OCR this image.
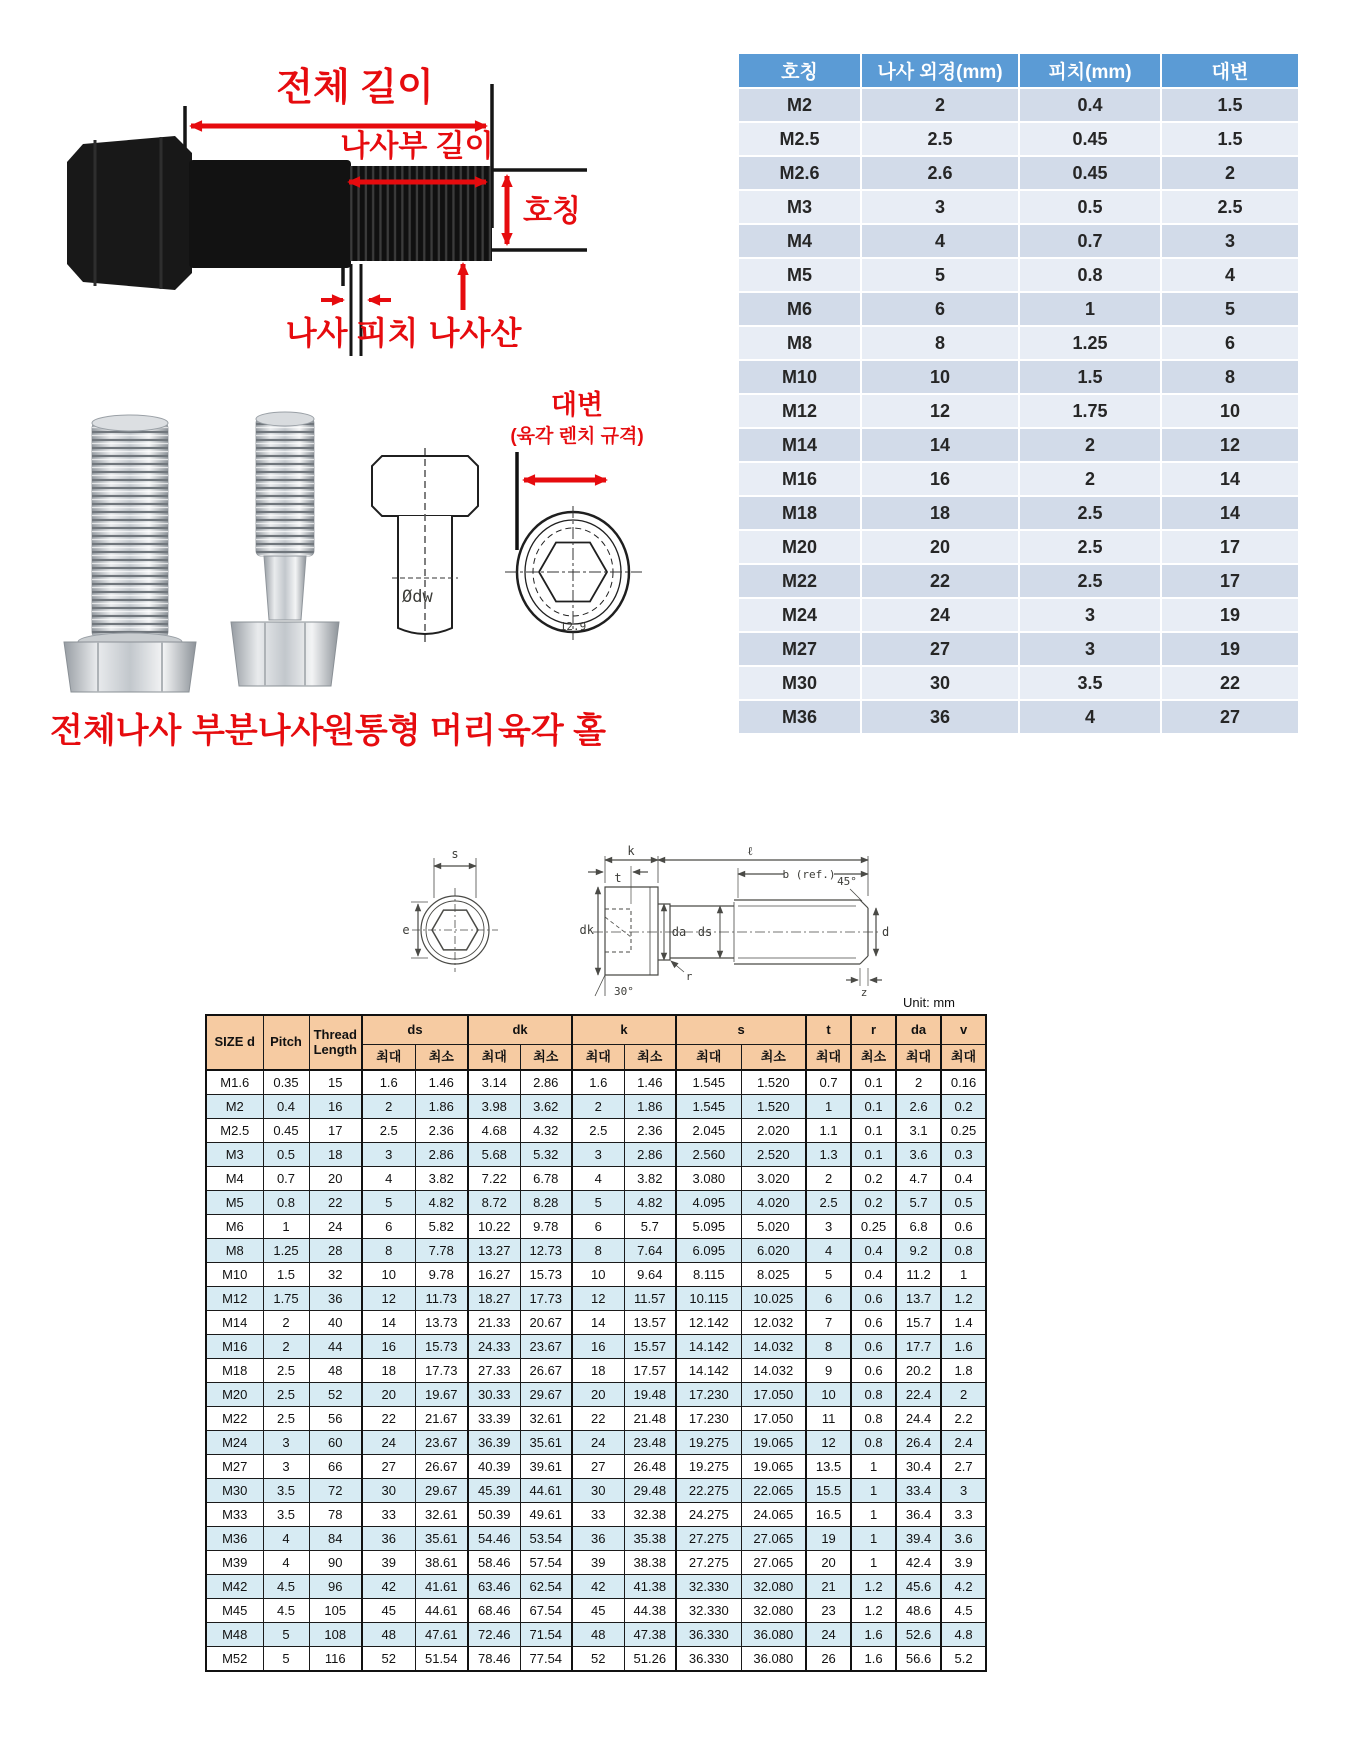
전체 길이
나사부 길이
호칭
나사 피치 나사산
호칭	나사 외경(mm)	피치(mm)	대변
M2	2	0.4	1.5
M2.5	2.5	0.45	1.5
M2.6	2.6	0.45	2
M3	3	0.5	2.5
M4	4	0.7	3
M5	5	0.8	4
M6	6	1	5
M8	8	1.25	6
M10	10	1.5	8
M12	12	1.75	10
M14	14	2	12
M16	16	2	14
M18	18	2.5	14
M20	20	2.5	17
M22	22	2.5	17
M24	24	3	19
M27	27	3	19
M30	30	3.5	22
M36	36	4	27
Ødw
12.9
대변
(육각 렌치 규격)
전체나사 부분나사
원통형 머리 육각 홀
s
e
k	ℓ
t	b (ref.)
45°
dk	da ds	d
r
30°	z
Unit: mm
SIZE d	Pitch	Thread Length	ds		dk		k		s		t	r	da	v
			최대	최소	최대	최소	최대	최소	최대	최소	최대	최소	최대	최대
M1.6	0.35	15	1.6	1.46	3.14	2.86	1.6	1.46	1.545	1.520	0.7	0.1	2	0.16
M2	0.4	16	2	1.86	3.98	3.62	2	1.86	1.545	1.520	1	0.1	2.6	0.2
M2.5	0.45	17	2.5	2.36	4.68	4.32	2.5	2.36	2.045	2.020	1.1	0.1	3.1	0.25
M3	0.5	18	3	2.86	5.68	5.32	3	2.86	2.560	2.520	1.3	0.1	3.6	0.3
M4	0.7	20	4	3.82	7.22	6.78	4	3.82	3.080	3.020	2	0.2	4.7	0.4
M5	0.8	22	5	4.82	8.72	8.28	5	4.82	4.095	4.020	2.5	0.2	5.7	0.5
M6	1	24	6	5.82	10.22	9.78	6	5.7	5.095	5.020	3	0.25	6.8	0.6
M8	1.25	28	8	7.78	13.27	12.73	8	7.64	6.095	6.020	4	0.4	9.2	0.8
M10	1.5	32	10	9.78	16.27	15.73	10	9.64	8.115	8.025	5	0.4	11.2	1
M12	1.75	36	12	11.73	18.27	17.73	12	11.57	10.115	10.025	6	0.6	13.7	1.2
M14	2	40	14	13.73	21.33	20.67	14	13.57	12.142	12.032	7	0.6	15.7	1.4
M16	2	44	16	15.73	24.33	23.67	16	15.57	14.142	14.032	8	0.6	17.7	1.6
M18	2.5	48	18	17.73	27.33	26.67	18	17.57	14.142	14.032	9	0.6	20.2	1.8
M20	2.5	52	20	19.67	30.33	29.67	20	19.48	17.230	17.050	10	0.8	22.4	2
M22	2.5	56	22	21.67	33.39	32.61	22	21.48	17.230	17.050	11	0.8	24.4	2.2
M24	3	60	24	23.67	36.39	35.61	24	23.48	19.275	19.065	12	0.8	26.4	2.4
M27	3	66	27	26.67	40.39	39.61	27	26.48	19.275	19.065	13.5	1	30.4	2.7
M30	3.5	72	30	29.67	45.39	44.61	30	29.48	22.275	22.065	15.5	1	33.4	3
M33	3.5	78	33	32.61	50.39	49.61	33	32.38	24.275	24.065	16.5	1	36.4	3.3
M36	4	84	36	35.61	54.46	53.54	36	35.38	27.275	27.065	19	1	39.4	3.6
M39	4	90	39	38.61	58.46	57.54	39	38.38	27.275	27.065	20	1	42.4	3.9
M42	4.5	96	42	41.61	63.46	62.54	42	41.38	32.330	32.080	21	1.2	45.6	4.2
M45	4.5	105	45	44.61	68.46	67.54	45	44.38	32.330	32.080	23	1.2	48.6	4.5
M48	5	108	48	47.61	72.46	71.54	48	47.38	36.330	36.080	24	1.6	52.6	4.8
M52	5	116	52	51.54	78.46	77.54	52	51.26	36.330	36.080	26	1.6	56.6	5.2
